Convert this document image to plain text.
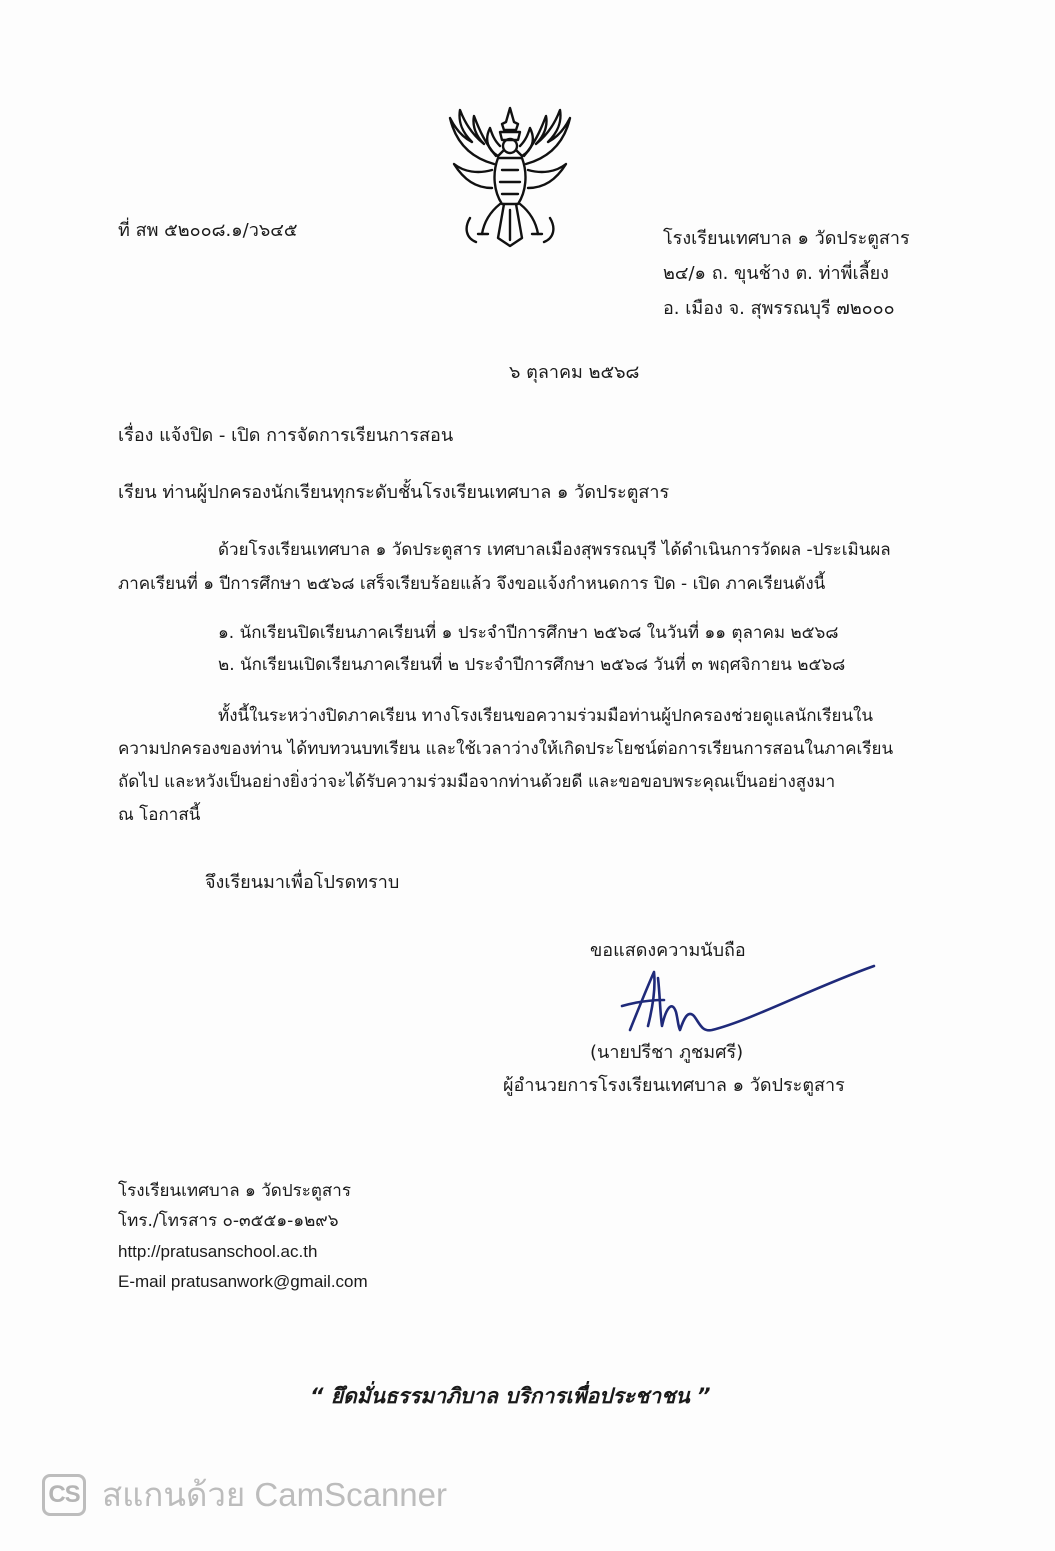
ที่ สพ ๕๒๐๐๘.๑/ว๖๔๕	โรงเรียนเทศบาล ๑ วัดประตูสาร
๒๔/๑ ถ. ขุนช้าง ต. ท่าพี่เลี้ยง
อ. เมือง จ. สุพรรณบุรี ๗๒๐๐๐
๖ ตุลาคม ๒๕๖๘
เรื่อง แจ้งปิด - เปิด การจัดการเรียนการสอน
เรียน ท่านผู้ปกครองนักเรียนทุกระดับชั้นโรงเรียนเทศบาล ๑ วัดประตูสาร
ด้วยโรงเรียนเทศบาล ๑ วัดประตูสาร เทศบาลเมืองสุพรรณบุรี ได้ดำเนินการวัดผล -ประเมินผล
ภาคเรียนที่ ๑ ปีการศึกษา ๒๕๖๘ เสร็จเรียบร้อยแล้ว จึงขอแจ้งกำหนดการ ปิด - เปิด ภาคเรียนดังนี้
๑. นักเรียนปิดเรียนภาคเรียนที่ ๑ ประจำปีการศึกษา ๒๕๖๘ ในวันที่ ๑๑ ตุลาคม ๒๕๖๘
๒. นักเรียนเปิดเรียนภาคเรียนที่ ๒ ประจำปีการศึกษา ๒๕๖๘ วันที่ ๓ พฤศจิกายน ๒๕๖๘
ทั้งนี้ในระหว่างปิดภาคเรียน ทางโรงเรียนขอความร่วมมือท่านผู้ปกครองช่วยดูแลนักเรียนใน
ความปกครองของท่าน ได้ทบทวนบทเรียน และใช้เวลาว่างให้เกิดประโยชน์ต่อการเรียนการสอนในภาคเรียน
ถัดไป และหวังเป็นอย่างยิ่งว่าจะได้รับความร่วมมือจากท่านด้วยดี และขอขอบพระคุณเป็นอย่างสูงมา
ณ โอกาสนี้
จึงเรียนมาเพื่อโปรดทราบ
ขอแสดงความนับถือ
(นายปรีชา ภูชมศรี)
ผู้อำนวยการโรงเรียนเทศบาล ๑ วัดประตูสาร
โรงเรียนเทศบาล ๑ วัดประตูสาร
โทร./โทรสาร ๐-๓๕๕๑-๑๒๙๖
http://pratusanschool.ac.th
E-mail pratusanwork@gmail.com
“ ยึดมั่นธรรมาภิบาล บริการเพื่อประชาชน ”
CS สแกนด้วย CamScanner
